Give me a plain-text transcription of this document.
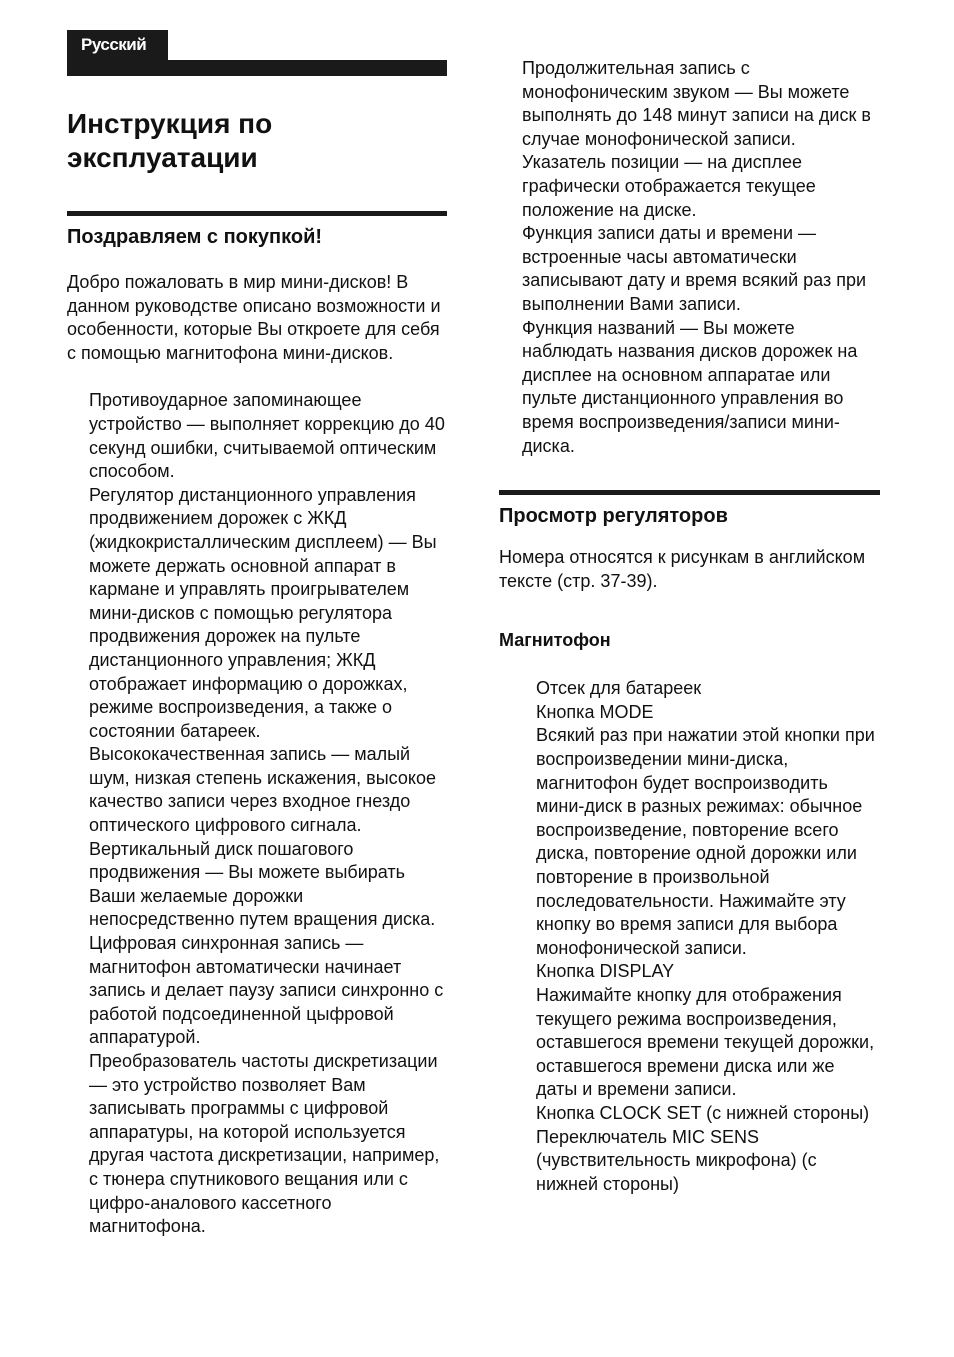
Русский
Инструкция по эксплуатации
Поздравляем с покупкой!

Добро пожаловать в мир мини-дисков! В данном руководстве описано возможности и особенности, которые Вы откроете для себя с помощью магнитофона мини-дисков.

Противоударное запоминающее устройство — выполняет коррекцию до 40 секунд ошибки, считываемой оптическим способом.
Регулятор дистанционного управления продвижением дорожек с ЖКД (жидкокристаллическим дисплеем) — Вы можете держать основной аппарат в кармане и управлять проигрывателем мини-дисков с помощью регулятора продвижения дорожек на пульте дистанционного управления; ЖКД отображает информацию о дорожках, режиме воспроизведения, а также о состоянии батареек.
Высококачественная запись — малый шум, низкая степень искажения, высокое качество записи через входное гнездо оптического цифрового сигнала.
Вертикальный диск пошагового продвижения — Вы можете выбирать Ваши желаемые дорожки непосредственно путем вращения диска.
Цифровая синхронная запись — магнитофон автоматически начинает запись и делает паузу записи синхронно с работой подсоединенной цыфровой аппаратурой.
Преобразователь частоты дискретизации — это устройство позволяет Вам записывать программы с цифровой аппаратуры, на которой используется другая частота дискретизации, например, с тюнера спутникового вещания или с цифро-аналового кассетного магнитофона.
Продолжительная запись с монофоническим звуком — Вы можете выполнять до 148 минут записи на диск в случае монофонической записи.
Указатель позиции — на дисплее графически отображается текущее положение на диске.
Функция записи даты и времени — встроенные часы автоматически записывают дату и время всякий раз при выполнении Вами записи.
Функция названий — Вы можете наблюдать названия дисков дорожек на дисплее на основном аппаратае или пульте дистанционного управления во время воспроизведения/записи мини-диска.
Просмотр регуляторов

Номера относятся к рисункам в английском тексте (стр. 37-39).

Магнитофон
Отсек для батареек
Кнопка MODE
Всякий раз при нажатии этой кнопки при воспроизведении мини-диска, магнитофон будет воспроизводить мини-диск в разных режимах: обычное воспроизведение, повторение всего диска, повторение одной дорожки или повторение в произвольной последовательности. Нажимайте эту кнопку во время записи для выбора монофонической записи.
Кнопка DISPLAY
Нажимайте кнопку для отображения текущего режима воспроизведения, оставшегося времени текущей дорожки, оставшегося времени диска или же даты и времени записи.
Кнопка CLOCK SET (с нижней стороны)
Переключатель MIC SENS (чувствительность микрофона) (с нижней стороны)
